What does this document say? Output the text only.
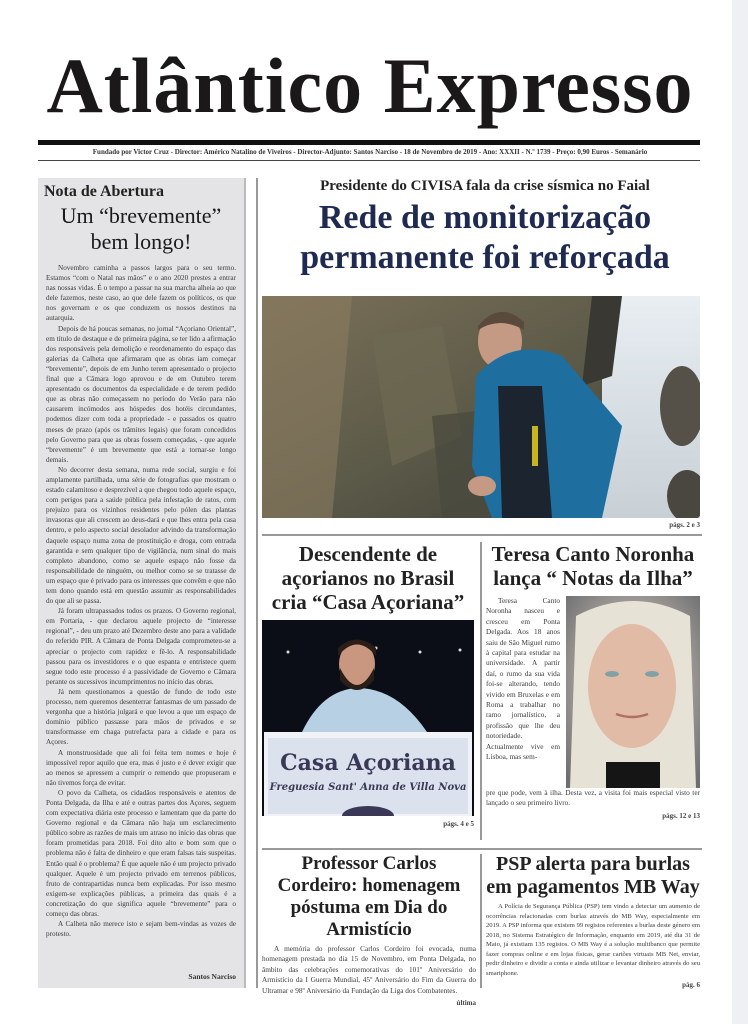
Atlântico Expresso
Fundado por Victor Cruz - Director: Américo Natalino de Viveiros - Director-Adjunto: Santos Narciso - 18 de Novembro de 2019 - Ano: XXXII - N.º 1739 - Preço: 0,90 Euros - Semanário
Nota de Abertura
Um “brevemente” bem longo!

Novembro caminha a passos largos para o seu termo. Estamos “com o Natal nas mãos” e o ano 2020 prestes a entrar nas nossas vidas. É o tempo a passar na sua marcha alheia ao que dele fazemos, neste caso, ao que dele fazem os políticos, os que nos governam e os que conduzem os nossos destinos na autarquia.

Depois de há poucas semanas, no jornal “Açoriano Oriental”, em título de destaque e de primeira página, se ter lido a afirmação dos responsáveis pela demolição e reordenamento do espaço das galerias da Calheta que afirmaram que as obras iam começar “brevemente”, depois de em Junho terem apresentado o projecto final que a Câmara logo aprovou e de em Outubro terem apresentado os documentos da especialidade e de terem pedido que as obras não começassem no período do Verão para não causarem incómodos aos hóspedes dos hotéis circundantes, podemos dizer com toda a propriedade - e passados os quatro meses de prazo (após os trâmites legais) que foram concedidos pelo Governo para que as obras fossem começadas, - que aquele “brevemente” é um brevemente que está a tornar-se longo demais.

No decorrer desta semana, numa rede social, surgiu e foi amplamente partilhada, uma série de fotografias que mostram o estado calamitoso e desprezível a que chegou todo aquele espaço, com perigos para a saúde pública pela infestação de ratos, com prejuízo para os vizinhos residentes pelo pólen das plantas invasoras que ali crescem ao deus-dará e que lhes entra pela casa dentro, e pelo aspecto social desolador advindo da transformação daquele espaço numa zona de prostituição e droga, com entrada garantida e sem qualquer tipo de vigilância, num sinal do mais completo abandono, como se aquele espaço não fosse da responsabilidade de ninguém, ou melhor como se se tratasse de um espaço que é privado para os interesses que convêm e que não tem dono quando está em questão assumir as responsabilidades do que ali se passa.

Já foram ultrapassados todos os prazos. O Governo regional, em Portaria, - que declarou aquele projecto de “interesse regional”, - deu um prazo até Dezembro deste ano para a validade do referido PIR. A Câmara de Ponta Delgada comprometeu-se a apreciar o projecto com rapidez e fê-lo. A responsabilidade passou para os investidores e o que espanta e entristece quem segue todo este processo é a passividade de Governo e Câmara perante os sucessivos incumprimentos no início das obras.

Já nem questionamos a questão de fundo de todo este processo, nem queremos desenterrar fantasmas de um passado de vergonha que a história julgará e que levou a que um espaço de domínio público passasse para mãos de privados e se transformasse em chaga putrefacta para a cidade e para os Açores.

A monstruosidade que ali foi feita tem nomes e hoje é impossível repor aquilo que era, mas é justo e é dever exigir que ao menos se apressem a cumprir o remendo que propuseram e não tivemos força de evitar.

O povo da Calheta, os cidadãos responsáveis e atentos de Ponta Delgada, da Ilha e até e outras partes dos Açores, seguem com expectativa diária este processo e lamentam que da parte do Governo regional e da Câmara não haja um esclarecimento público sobre as razões de mais um atraso no início das obras que foram prometidas para 2018. Foi dito alto e bom som que o problema não é falta de dinheiro e que eram falsas tais suspeitas. Então qual é o problema? É que aquele não é um projecto privado qualquer. Aquele é um projecto privado em terrenos públicos, fruto de contrapartidas nunca bem explicadas. Por isso mesmo exigem-se explicações públicas, a primeira das quais é a concretização do que significa aquele “brevemente” para o começo das obras.

A Calheta não merece isto e sejam bem-vindas as vozes de protesto.

Santos Narciso
Presidente do CIVISA fala da crise sísmica no Faial
Rede de monitorização permanente foi reforçada
págs. 2 e 3
Descendente de açorianos no Brasil cria “Casa Açoriana”
Casa Açoriana
Freguesia Sant' Anna de Villa Nova
págs. 4 e 5
Teresa Canto Noronha lança “ Notas da Ilha”

Teresa Canto Noronha nasceu e cresceu em Ponta Delgada. Aos 18 anos saiu de São Miguel rumo à capital para estudar na universidade. A partir daí, o rumo da sua vida foi-se alterando, tendo vivido em Bruxelas e em Roma a trabalhar no ramo jornalístico, a profissão que lhe deu notoriedade. Actualmente vive em Lisboa, mas sem-

pre que pode, vem à ilha. Desta vez, a visita foi mais especial visto ter lançado o seu primeiro livro.

págs. 12 e 13
Professor Carlos Cordeiro: homenagem póstuma em Dia do Armistício

A memória do professor Carlos Cordeiro foi evocada, numa homenagem prestada no dia 15 de Novembro, em Ponta Delgada, no âmbito das celebrações comemorativas do 101º Aniversário do Armistício da I Guerra Mundial, 45º Aniversário do Fim da Guerra do Ultramar e 98º Aniversário da Fundação da Liga dos Combatentes.

última
PSP alerta para burlas em pagamentos MB Way

A Polícia de Segurança Pública (PSP) tem vindo a detectar um aumento de ocorrências relacionadas com burlas através do MB Way, especialmente em 2019. A PSP informa que existem 99 registos referentes a burlas deste género em 2018, no Sistema Estratégico de Informação, enquanto em 2019, até dia 31 de Maio, já existiam 135 registos. O MB Way é a solução multibanco que permite fazer compras online e em lojas físicas, gerar cartões virtuais MB Net, enviar, pedir dinheiro e dividir a conta e ainda utilizar e levantar dinheiro através do seu smartphone.

pág. 6
